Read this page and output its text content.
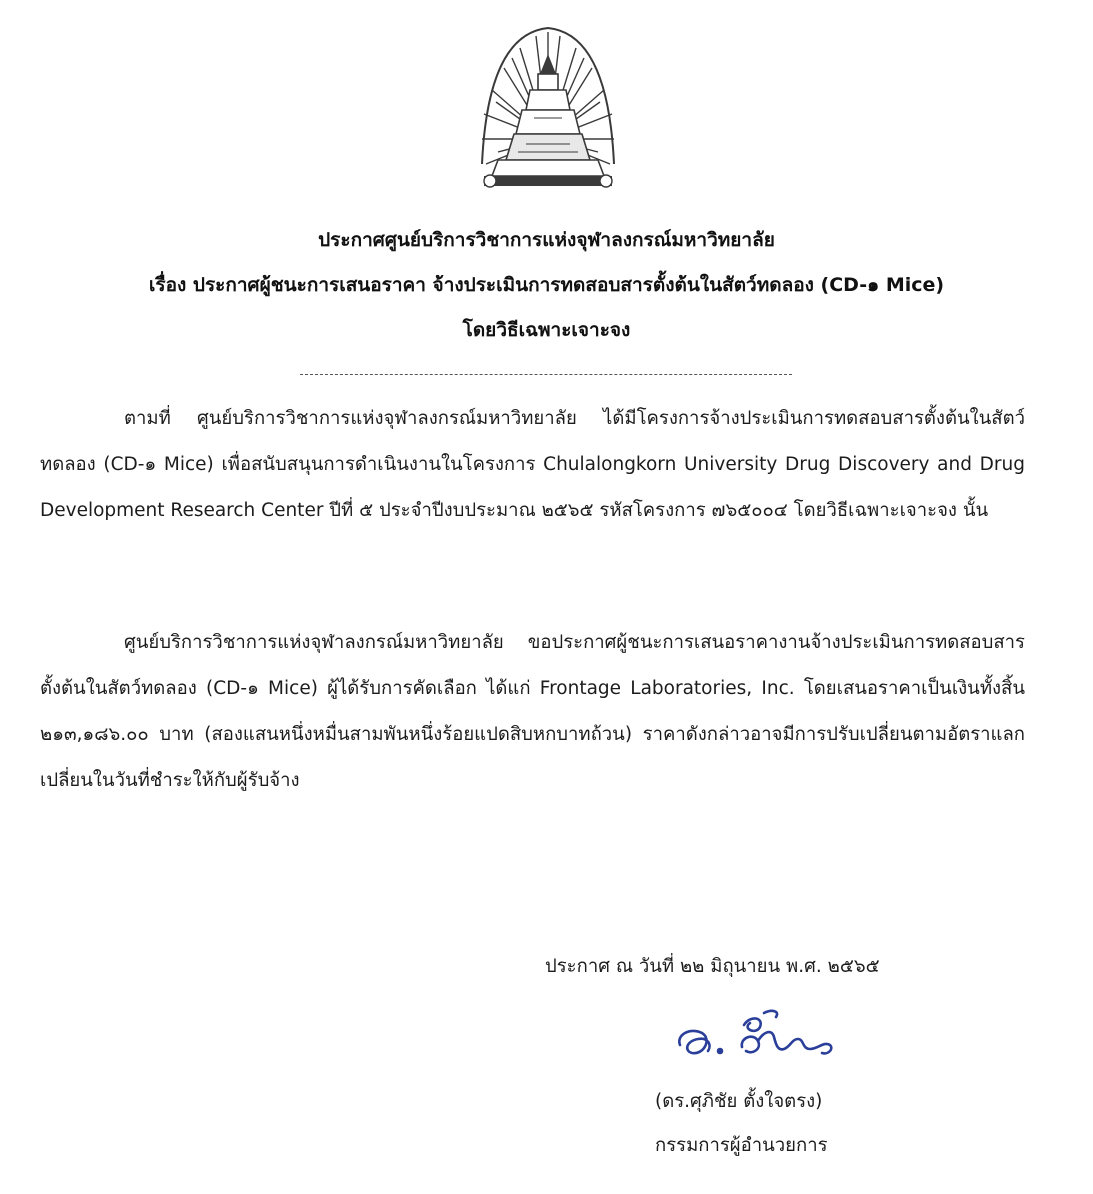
ประกาศศูนย์บริการวิชาการแห่งจุฬาลงกรณ์มหาวิทยาลัย
เรื่อง ประกาศผู้ชนะการเสนอราคา จ้างประเมินการทดสอบสารตั้งต้นในสัตว์ทดลอง (CD-๑ Mice)
โดยวิธีเฉพาะเจาะจง
ตามที่ ศูนย์บริการวิชาการแห่งจุฬาลงกรณ์มหาวิทยาลัย ได้มีโครงการจ้างประเมินการทดสอบสารตั้งต้นในสัตว์ทดลอง (CD-๑ Mice) เพื่อสนับสนุนการดำเนินงานในโครงการ Chulalongkorn University Drug Discovery and Drug Development Research Center ปีที่ ๕ ประจำปีงบประมาณ ๒๕๖๕ รหัสโครงการ ๗๖๕๐๐๔ โดยวิธีเฉพาะเจาะจง นั้น
ศูนย์บริการวิชาการแห่งจุฬาลงกรณ์มหาวิทยาลัย ขอประกาศผู้ชนะการเสนอราคางานจ้างประเมินการทดสอบสารตั้งต้นในสัตว์ทดลอง (CD-๑ Mice) ผู้ได้รับการคัดเลือก ได้แก่ Frontage Laboratories, Inc. โดยเสนอราคาเป็นเงินทั้งสิ้น ๒๑๓,๑๘๖.๐๐ บาท (สองแสนหนึ่งหมื่นสามพันหนึ่งร้อยแปดสิบหกบาทถ้วน) ราคาดังกล่าวอาจมีการปรับเปลี่ยนตามอัตราแลกเปลี่ยนในวันที่ชำระให้กับผู้รับจ้าง
ประกาศ ณ วันที่ ๒๒ มิถุนายน พ.ศ. ๒๕๖๕
(ดร.ศุภิชัย ตั้งใจตรง)
กรรมการผู้อำนวยการ
